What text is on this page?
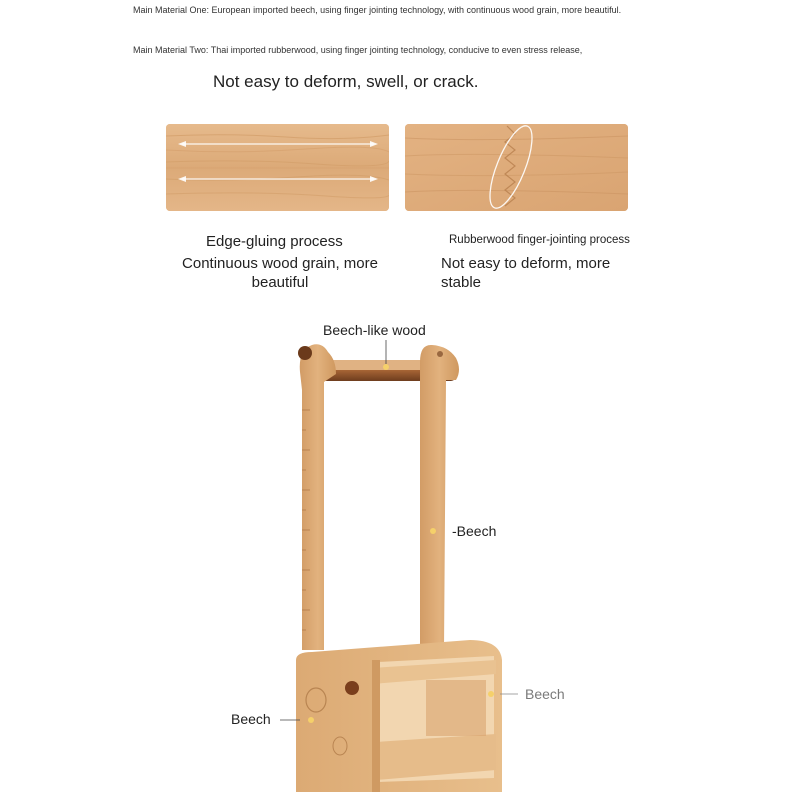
Main Material One: European imported beech, using finger jointing technology, with continuous wood grain, more beautiful.
Main Material Two: Thai imported rubberwood, using finger jointing technology, conducive to even stress release,
Not easy to deform, swell, or crack.
Edge-gluing process
Continuous wood grain, more beautiful
Rubberwood finger-jointing process
Not easy to deform, more stable
Beech-like wood
-Beech
Beech
Beech
